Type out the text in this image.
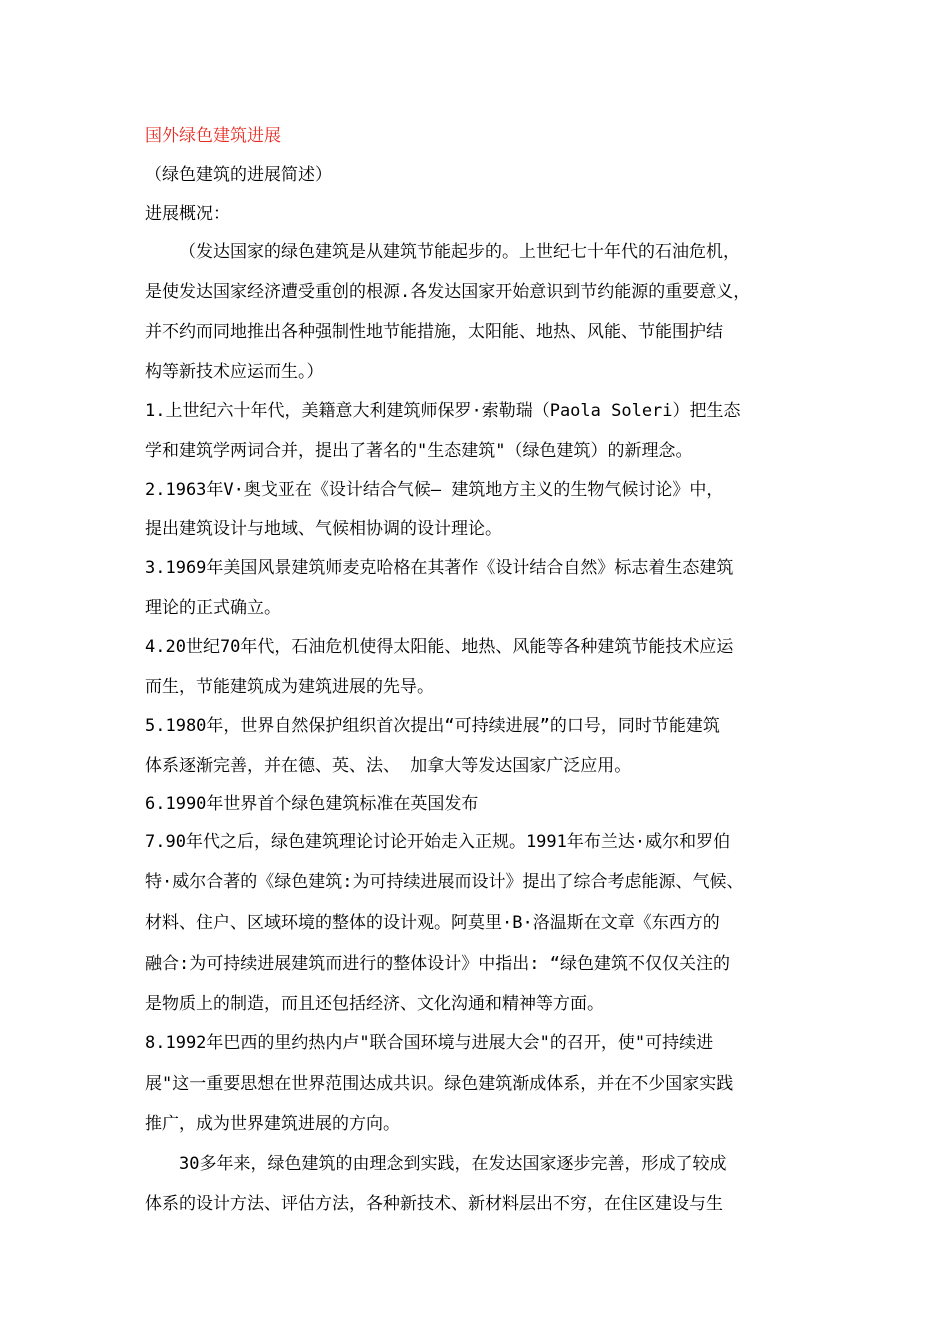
国外绿色建筑进展
（绿色建筑的进展简述）
进展概况：
（发达国家的绿色建筑是从建筑节能起步的。上世纪七十年代的石油危机，
是使发达国家经济遭受重创的根源.各发达国家开始意识到节约能源的重要意义，
并不约而同地推出各种强制性地节能措施，太阳能、地热、风能、节能围护结
构等新技术应运而生。）
1.上世纪六十年代，美籍意大利建筑师保罗·索勒瑞（Paola Soleri）把生态
学和建筑学两词合并，提出了著名的"生态建筑"（绿色建筑）的新理念。
2.1963年V·奥戈亚在《设计结合气候— 建筑地方主义的生物气候讨论》中，
提出建筑设计与地域、气候相协调的设计理论。
3.1969年美国风景建筑师麦克哈格在其著作《设计结合自然》标志着生态建筑
理论的正式确立。
4.20世纪70年代，石油危机使得太阳能、地热、风能等各种建筑节能技术应运
而生，节能建筑成为建筑进展的先导。
5.1980年，世界自然保护组织首次提出“可持续进展”的口号，同时节能建筑
体系逐渐完善，并在德、英、法、 加拿大等发达国家广泛应用。
6.1990年世界首个绿色建筑标准在英国发布
7.90年代之后，绿色建筑理论讨论开始走入正规。1991年布兰达·威尔和罗伯
特·威尔合著的《绿色建筑:为可持续进展而设计》提出了综合考虑能源、气候、
材料、住户、区域环境的整体的设计观。阿莫里·B·洛温斯在文章《东西方的
融合:为可持续进展建筑而进行的整体设计》中指出: “绿色建筑不仅仅关注的
是物质上的制造，而且还包括经济、文化沟通和精神等方面。
8.1992年巴西的里约热内卢"联合国环境与进展大会"的召开，使"可持续进
展"这一重要思想在世界范围达成共识。绿色建筑渐成体系，并在不少国家实践
推广，成为世界建筑进展的方向。
30多年来，绿色建筑的由理念到实践，在发达国家逐步完善，形成了较成
体系的设计方法、评估方法，各种新技术、新材料层出不穷，在住区建设与生
